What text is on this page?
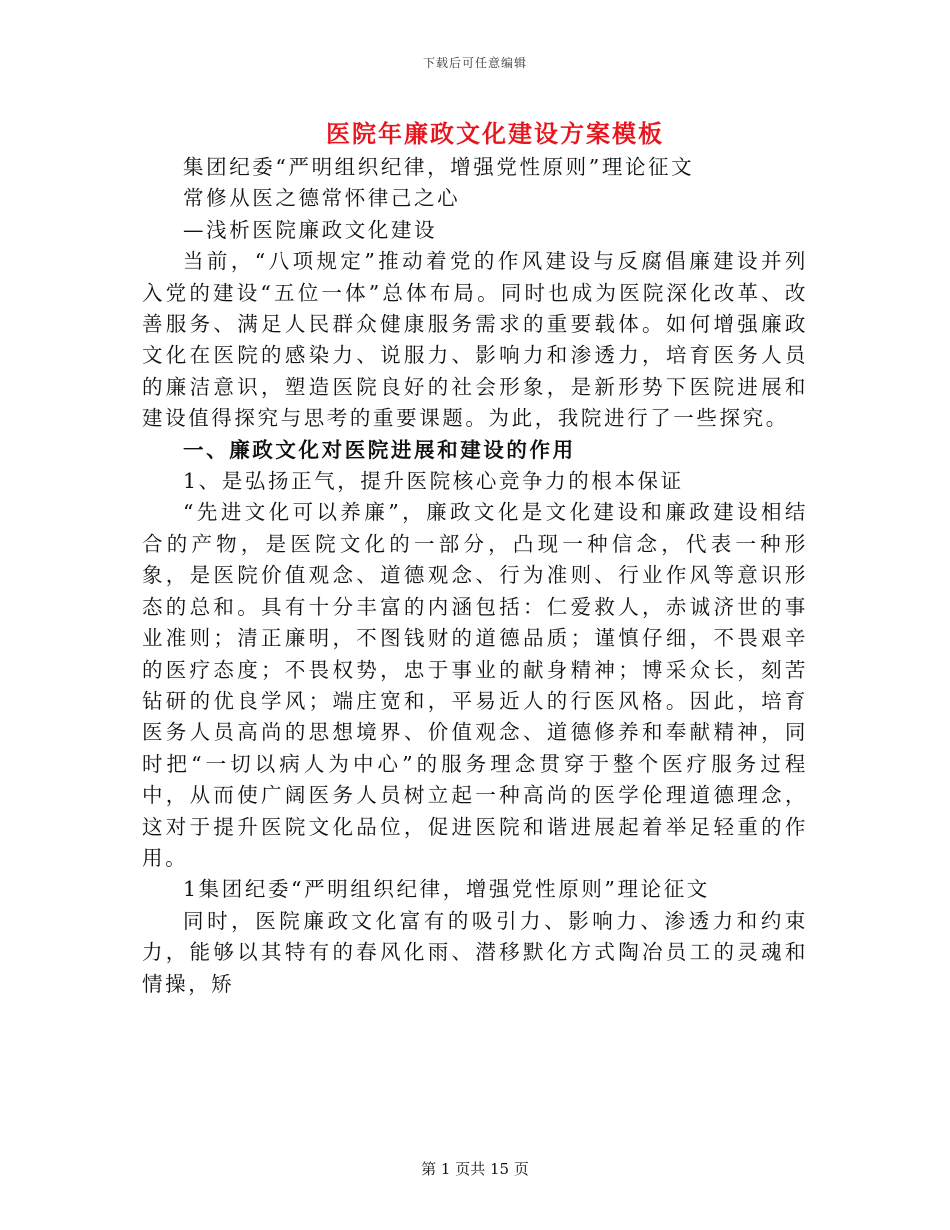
下载后可任意编辑
医院年廉政文化建设方案模板

集团纪委“严明组织纪律，增强党性原则”理论征文

常修从医之德常怀律己之心

—浅析医院廉政文化建设

当前，“八项规定”推动着党的作风建设与反腐倡廉建设并列入党的建设“五位一体”总体布局。同时也成为医院深化改革、改善服务、满足人民群众健康服务需求的重要载体。如何增强廉政文化在医院的感染力、说服力、影响力和渗透力，培育医务人员的廉洁意识，塑造医院良好的社会形象，是新形势下医院进展和建设值得探究与思考的重要课题。为此，我院进行了一些探究。

一、廉政文化对医院进展和建设的作用

1、是弘扬正气，提升医院核心竞争力的根本保证

“先进文化可以养廉”，廉政文化是文化建设和廉政建设相结合的产物，是医院文化的一部分，凸现一种信念，代表一种形象，是医院价值观念、道德观念、行为准则、行业作风等意识形态的总和。具有十分丰富的内涵包括：仁爱救人，赤诚济世的事业准则；清正廉明，不图钱财的道德品质；谨慎仔细，不畏艰辛的医疗态度；不畏权势，忠于事业的献身精神；博采众长，刻苦钻研的优良学风；端庄宽和，平易近人的行医风格。因此，培育医务人员高尚的思想境界、价值观念、道德修养和奉献精神，同时把“一切以病人为中心”的服务理念贯穿于整个医疗服务过程中，从而使广阔医务人员树立起一种高尚的医学伦理道德理念，这对于提升医院文化品位，促进医院和谐进展起着举足轻重的作用。

1集团纪委“严明组织纪律，增强党性原则”理论征文

同时，医院廉政文化富有的吸引力、影响力、渗透力和约束力，能够以其特有的春风化雨、潜移默化方式陶冶员工的灵魂和情操，矫

第 1 页共 15 页
